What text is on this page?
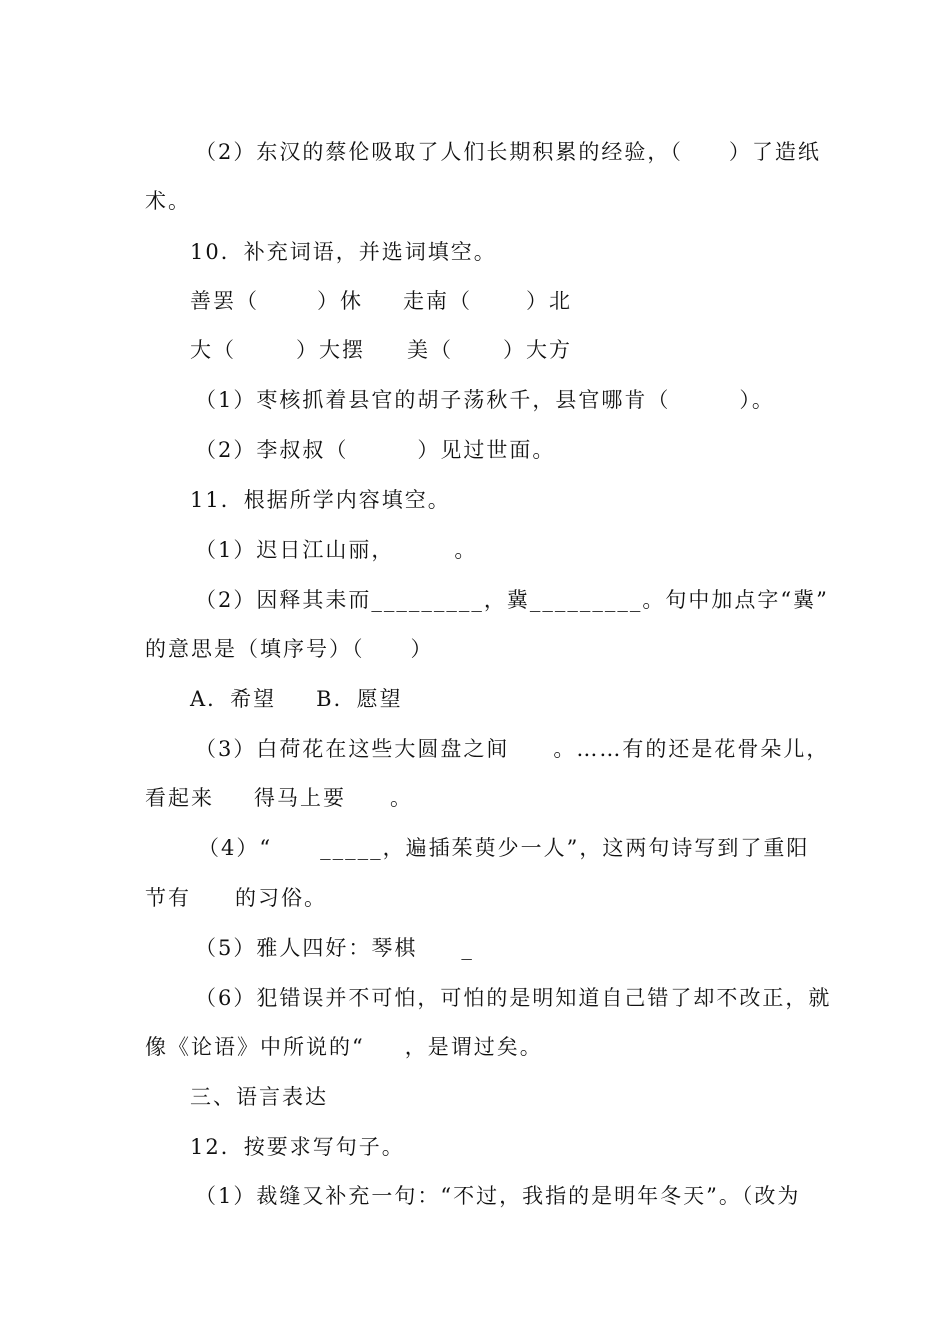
（2）东汉的蔡伦吸取了人们长期积累的经验，（　　）了造纸
术。
10．补充词语，并选词填空。
善罢（	）休 走南（	）北
大（	）大摆 美（ ）大方
（1）枣核抓着县官的胡子荡秋千，县官哪肯（　　　）。
（2）李叔叔（　　　）见过世面。
11．根据所学内容填空。
（1）迟日江山丽，	。
（2）因释其耒而_________，冀_________。句中加点字“冀”
的意思是（填序号）（　　）
A．希望 B．愿望
（3）白荷花在这些大圆盘之间 。……有的还是花骨朵儿，
看起来 得马上要 。
（4）“ _____，遍插茱萸少一人”，这两句诗写到了重阳
节有 的习俗。
（5）雅人四好：琴棋 _
（6）犯错误并不可怕，可怕的是明知道自己错了却不改正，就
像《论语》中所说的“ ，是谓过矣。
三、语言表达
12．按要求写句子。
（1）裁缝又补充一句：“不过，我指的是明年冬天”。（改为
